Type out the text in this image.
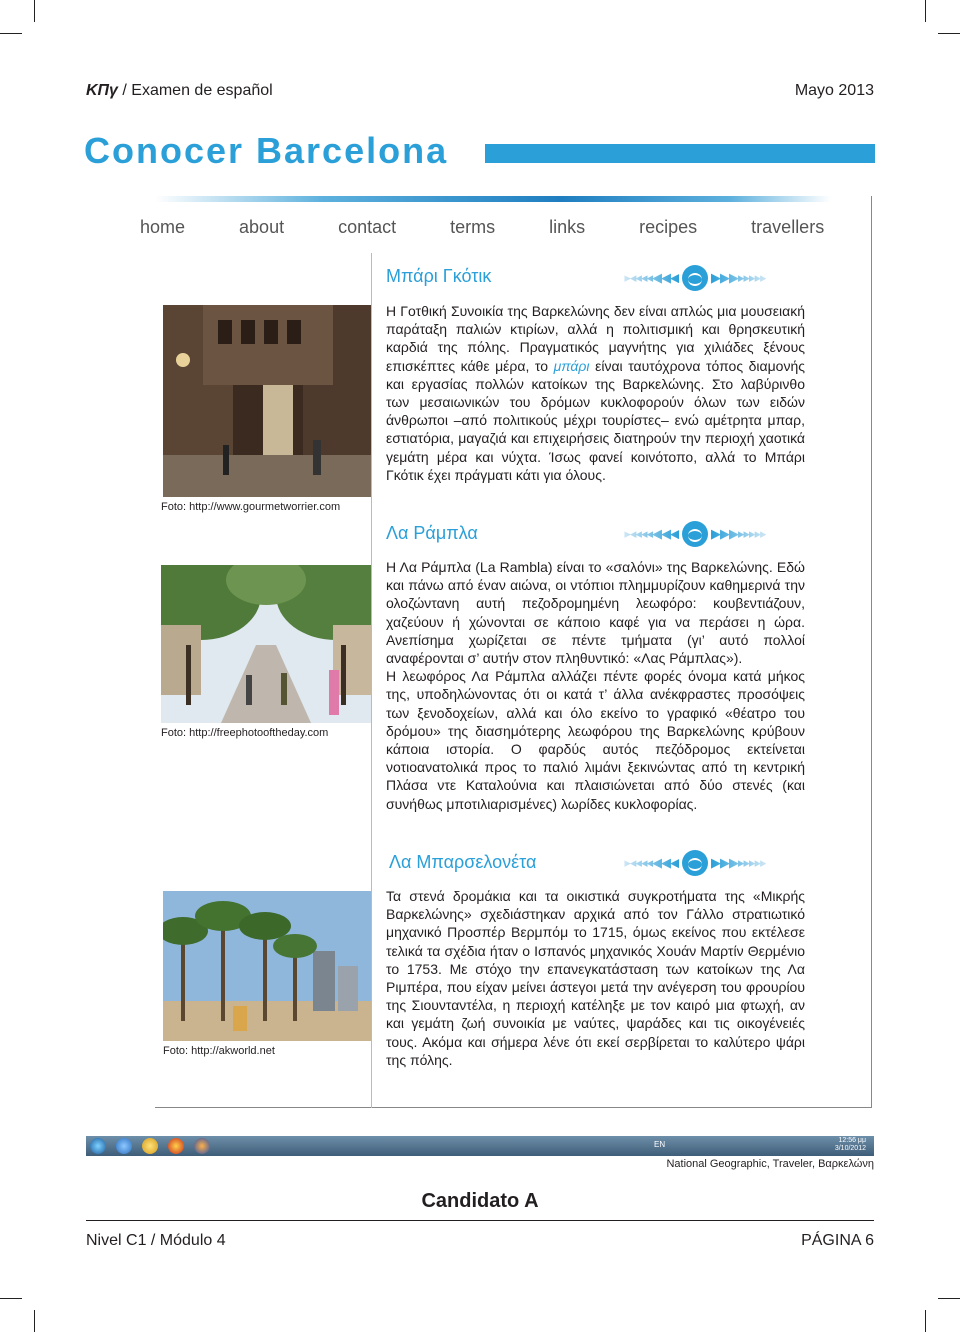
ΚΠγ / Examen de español	Mayo 2013
Conocer Barcelona
home	about	contact	terms	links	recipes	travellers
Μπάρι Γκότικ	▸◂◂◂◂◀◀◀ ▶▶▶▸▸▸▸▸
Foto: http://www.gourmetworrier.com

Η Γοτθική Συνοικία της Βαρκελώνης δεν είναι απλώς μια μουσειακή παράταξη παλιών κτιρίων, αλλά η πολιτισμική και θρησκευτική καρδιά της πόλης. Πραγματικός μαγνήτης για χιλιάδες ξένους επισκέπτες κάθε μέρα, το μπάρι είναι ταυτόχρονα τόπος διαμονής και εργασίας πολλών κατοίκων της Βαρκελώνης. Στο λαβύρινθο των μεσαιωνικών του δρόμων κυκλοφορούν όλων των ειδών άνθρωποι –από πολιτικούς μέχρι τουρίστες– ενώ αμέτρητα μπαρ, εστιατόρια, μαγαζιά και επιχειρήσεις διατηρούν την περιοχή χαοτικά γεμάτη μέρα και νύχτα. Ίσως φανεί κοινότοπο, αλλά το Μπάρι Γκότικ έχει πράγματι κάτι για όλους.

Λα Ράμπλα	▸◂◂◂◂◀◀◀ ▶▶▶▸▸▸▸▸
Foto: http://freephotooftheday.com

Η Λα Ράμπλα (La Rambla) είναι το «σαλόνι» της Βαρκελώνης. Εδώ και πάνω από έναν αιώνα, οι ντόπιοι πλημμυρίζουν καθημερινά την ολοζώντανη αυτή πεζοδρομημένη λεωφόρο: κουβεντιάζουν, χαζεύουν ή χώνονται σε κάποιο καφέ για να περάσει η ώρα. Ανεπίσημα χωρίζεται σε πέντε τμήματα (γι’ αυτό πολλοί αναφέρονται σ’ αυτήν στον πληθυντικό: «Λας Ράμπλας»).

Η λεωφόρος Λα Ράμπλα αλλάζει πέντε φορές όνομα κατά μήκος της, υποδηλώνοντας ότι οι κατά τ’ άλλα ανέκφραστες προσόψεις των ξενοδοχείων, αλλά και όλο εκείνο το γραφικό «θέατρο του δρόμου» της διασημότερης λεωφόρου της Βαρκελώνης κρύβουν κάποια ιστορία. Ο φαρδύς αυτός πεζόδρομος εκτείνεται νοτιοανατολικά προς το παλιό λιμάνι ξεκινώντας από τη κεντρική Πλάσα ντε Καταλούνια και πλαισιώνεται από δύο στενές (και συνήθως μποτιλιαρισμένες) λωρίδες κυκλοφορίας.

Λα Μπαρσελονέτα	▸◂◂◂◂◀◀◀ ▶▶▶▸▸▸▸▸
Foto: http://akworld.net

Τα στενά δρομάκια και τα οικιστικά συγκροτήματα της «Μικρής Βαρκελώνης» σχεδιάστηκαν αρχικά από τον Γάλλο στρατιωτικό μηχανικό Προσπέρ Βερμπόμ το 1715, όμως εκείνος που εκτέλεσε τελικά τα σχέδια ήταν ο Ισπανός μηχανικός Χουάν Μαρτίν Θερμένιο το 1753. Με στόχο την επανεγκατάσταση των κατοίκων της Λα Ριμπέρα, που είχαν μείνει άστεγοι μετά την ανέγερση του φρουρίου της Σιουνταντέλα, η περιοχή κατέληξε με τον καιρό μια φτωχή, αν και γεμάτη ζωή συνοικία με ναύτες, ψαράδες και τις οικογένειές τους. Ακόμα και σήμερα λένε ότι εκεί σερβίρεται το καλύτερο ψάρι της πόλης.

EN	12:56 μμ
3/10/2012
National Geographic, Traveler, Βαρκελώνη
Candidato A
Nivel C1 / Módulo 4	PÁGINA 6
